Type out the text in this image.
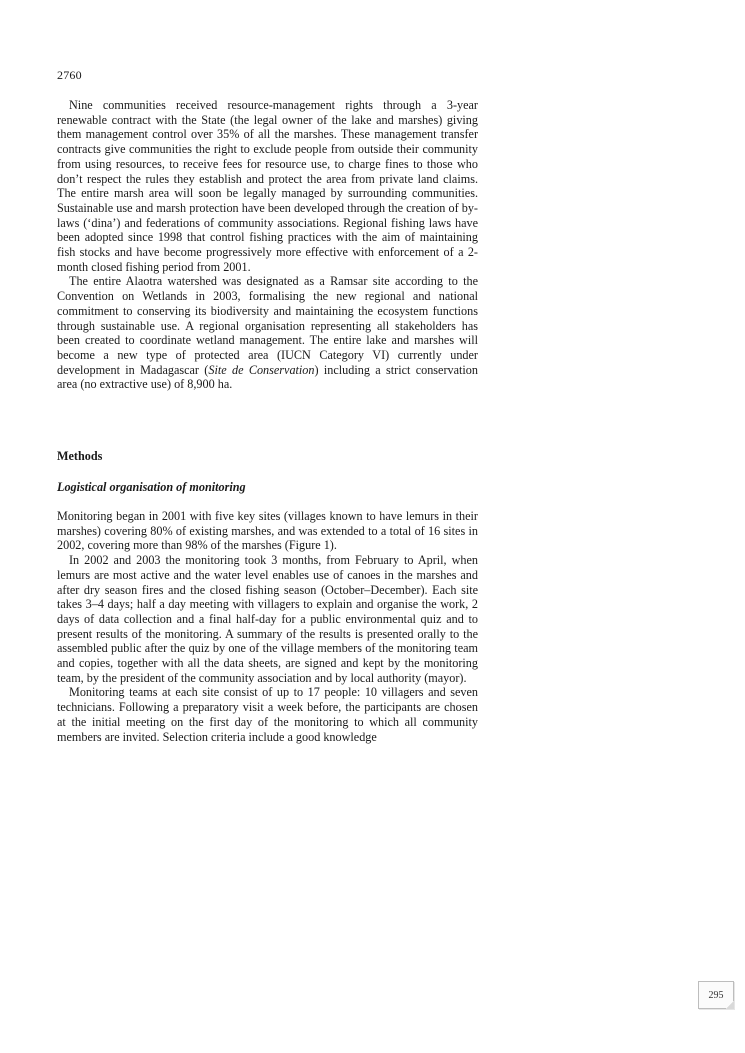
2760

Nine communities received resource-management rights through a 3-year renewable contract with the State (the legal owner of the lake and marshes) giving them management control over 35% of all the marshes. These management transfer contracts give communities the right to exclude people from outside their community from using resources, to receive fees for resource use, to charge fines to those who don’t respect the rules they establish and protect the area from private land claims. The entire marsh area will soon be legally managed by surrounding communities. Sustainable use and marsh protection have been developed through the creation of by-laws (‘dina’) and federations of community associations. Regional fishing laws have been adopted since 1998 that control fishing practices with the aim of maintaining fish stocks and have become progressively more effective with enforcement of a 2-month closed fishing period from 2001.

The entire Alaotra watershed was designated as a Ramsar site according to the Convention on Wetlands in 2003, formalising the new regional and national commitment to conserving its biodiversity and maintaining the ecosystem functions through sustainable use. A regional organisation representing all stakeholders has been created to coordinate wetland management. The entire lake and marshes will become a new type of protected area (IUCN Category VI) currently under development in Madagascar (Site de Conservation) including a strict conservation area (no extractive use) of 8,900 ha.

Methods
Logistical organisation of monitoring

Monitoring began in 2001 with five key sites (villages known to have lemurs in their marshes) covering 80% of existing marshes, and was extended to a total of 16 sites in 2002, covering more than 98% of the marshes (Figure 1).

In 2002 and 2003 the monitoring took 3 months, from February to April, when lemurs are most active and the water level enables use of canoes in the marshes and after dry season fires and the closed fishing season (October–December). Each site takes 3–4 days; half a day meeting with villagers to explain and organise the work, 2 days of data collection and a final half-day for a public environmental quiz and to present results of the monitoring. A summary of the results is presented orally to the assembled public after the quiz by one of the village members of the monitoring team and copies, together with all the data sheets, are signed and kept by the monitoring team, by the president of the community association and by local authority (mayor).

Monitoring teams at each site consist of up to 17 people: 10 villagers and seven technicians. Following a preparatory visit a week before, the participants are chosen at the initial meeting on the first day of the monitoring to which all community members are invited. Selection criteria include a good knowledge

295
